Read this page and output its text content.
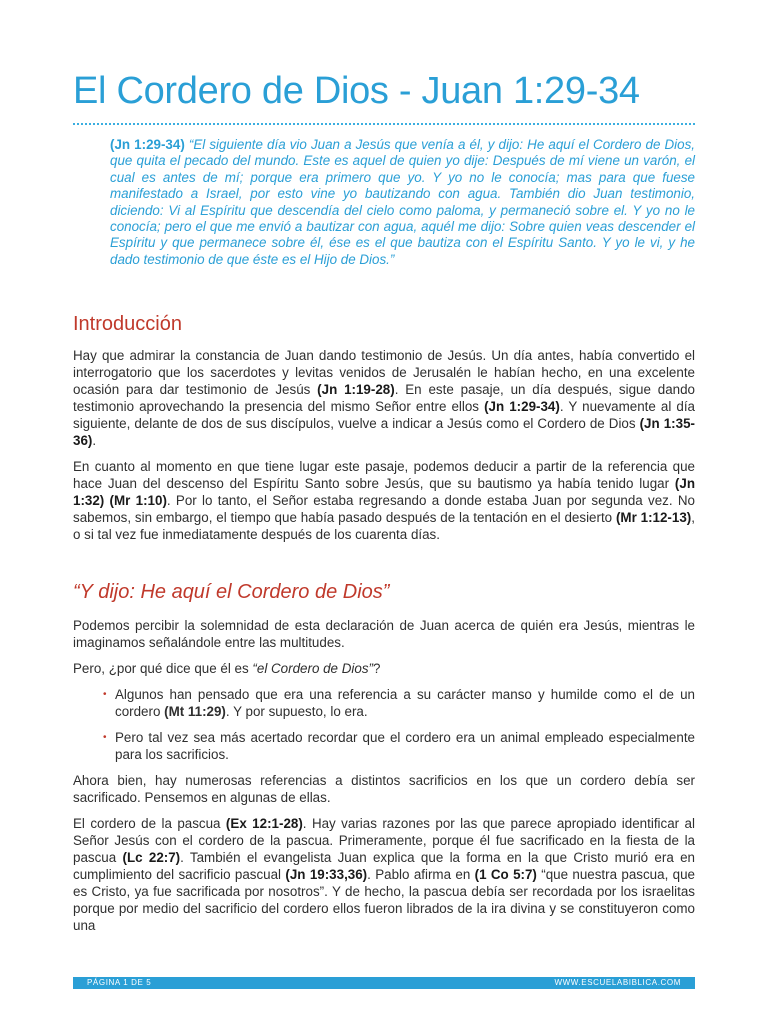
El Cordero de Dios - Juan 1:29-34

(Jn 1:29-34) “El siguiente día vio Juan a Jesús que venía a él, y dijo: He aquí el Cordero de Dios, que quita el pecado del mundo. Este es aquel de quien yo dije: Después de mí viene un varón, el cual es antes de mí; porque era primero que yo. Y yo no le conocía; mas para que fuese manifestado a Israel, por esto vine yo bautizando con agua. También dio Juan testimonio, diciendo: Vi al Espíritu que descendía del cielo como paloma, y permaneció sobre el. Y yo no le conocía; pero el que me envió a bautizar con agua, aquél me dijo: Sobre quien veas descender el Espíritu y que permanece sobre él, ése es el que bautiza con el Espíritu Santo. Y yo le vi, y he dado testimonio de que éste es el Hijo de Dios.”

Introducción

Hay que admirar la constancia de Juan dando testimonio de Jesús. Un día antes, había convertido el interrogatorio que los sacerdotes y levitas venidos de Jerusalén le habían hecho, en una excelente ocasión para dar testimonio de Jesús (Jn 1:19-28). En este pasaje, un día después, sigue dando testimonio aprovechando la presencia del mismo Señor entre ellos (Jn 1:29-34). Y nuevamente al día siguiente, delante de dos de sus discípulos, vuelve a indicar a Jesús como el Cordero de Dios (Jn 1:35-36).

En cuanto al momento en que tiene lugar este pasaje, podemos deducir a partir de la referencia que hace Juan del descenso del Espíritu Santo sobre Jesús, que su bautismo ya había tenido lugar (Jn 1:32) (Mr 1:10). Por lo tanto, el Señor estaba regresando a donde estaba Juan por segunda vez. No sabemos, sin embargo, el tiempo que había pasado después de la tentación en el desierto (Mr 1:12-13), o si tal vez fue inmediatamente después de los cuarenta días.

“Y dijo: He aquí el Cordero de Dios”

Podemos percibir la solemnidad de esta declaración de Juan acerca de quién era Jesús, mientras le imaginamos señalándole entre las multitudes.

Pero, ¿por qué dice que él es “el Cordero de Dios”?

• Algunos han pensado que era una referencia a su carácter manso y humilde como el de un cordero (Mt 11:29). Y por supuesto, lo era.
• Pero tal vez sea más acertado recordar que el cordero era un animal empleado especialmente para los sacrificios.

Ahora bien, hay numerosas referencias a distintos sacrificios en los que un cordero debía ser sacrificado. Pensemos en algunas de ellas.

El cordero de la pascua (Ex 12:1-28). Hay varias razones por las que parece apropiado identificar al Señor Jesús con el cordero de la pascua. Primeramente, porque él fue sacrificado en la fiesta de la pascua (Lc 22:7). También el evangelista Juan explica que la forma en la que Cristo murió era en cumplimiento del sacrificio pascual (Jn 19:33,36). Pablo afirma en (1 Co 5:7) “que nuestra pascua, que es Cristo, ya fue sacrificada por nosotros”. Y de hecho, la pascua debía ser recordada por los israelitas porque por medio del sacrificio del cordero ellos fueron librados de la ira divina y se constituyeron como una

PÁGINA 1 DE 5	WWW.ESCUELABIBLICA.COM
